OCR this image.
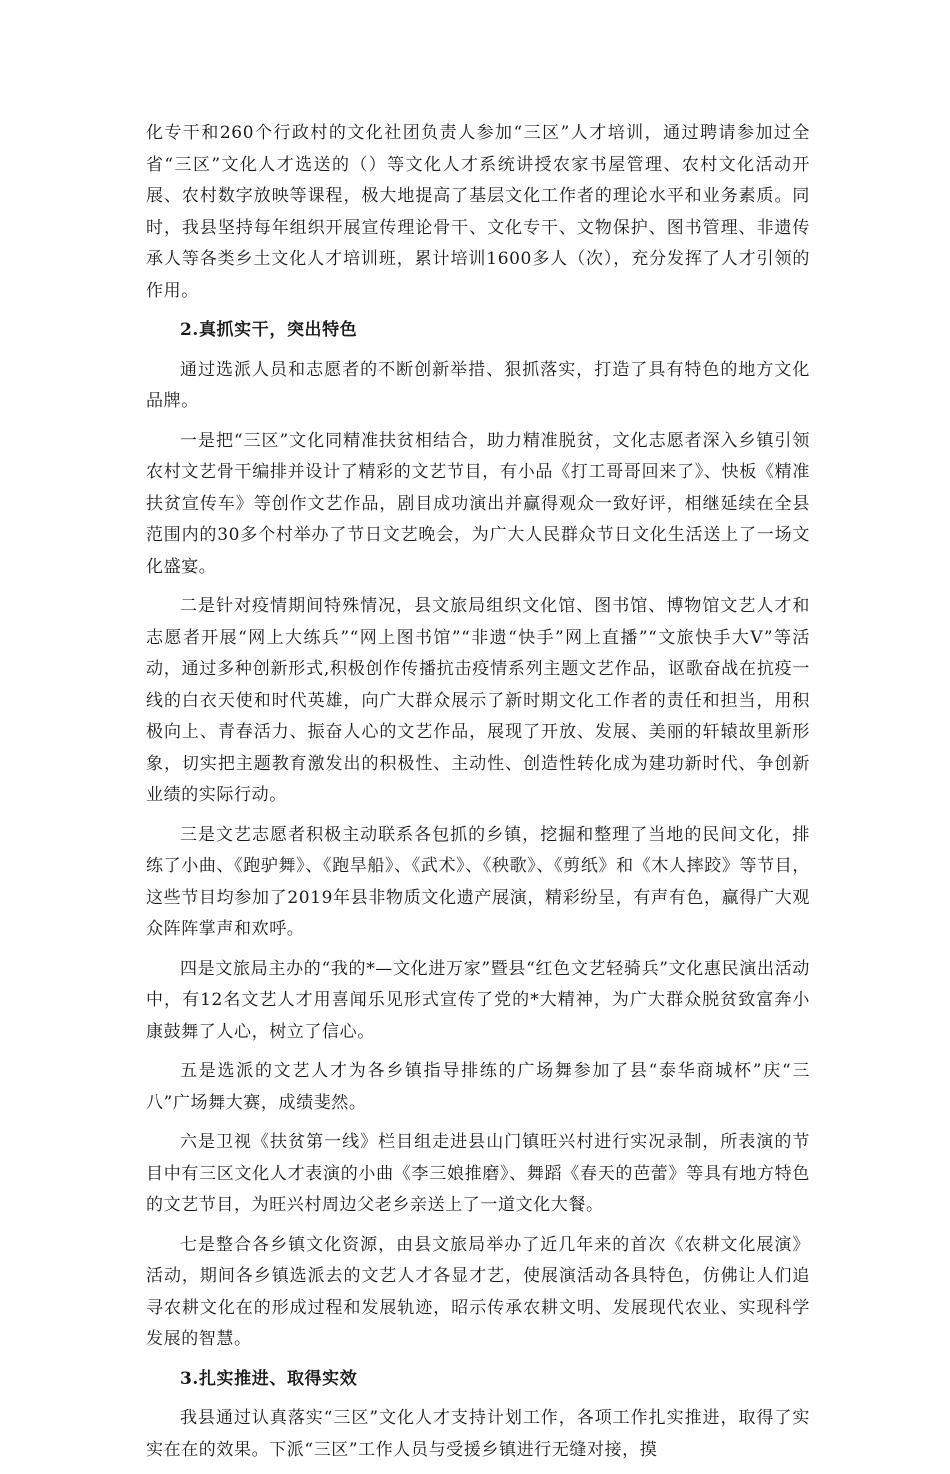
化专干和260个行政村的文化社团负责人参加“三区”人才培训，通过聘请参加过全省“三区”文化人才选送的（）等文化人才系统讲授农家书屋管理、农村文化活动开展、农村数字放映等课程，极大地提高了基层文化工作者的理论水平和业务素质。同时，我县坚持每年组织开展宣传理论骨干、文化专干、文物保护、图书管理、非遗传承人等各类乡土文化人才培训班，累计培训1600多人（次），充分发挥了人才引领的作用。

2.真抓实干，突出特色

通过选派人员和志愿者的不断创新举措、狠抓落实，打造了具有特色的地方文化品牌。

一是把“三区”文化同精准扶贫相结合，助力精准脱贫，文化志愿者深入乡镇引领农村文艺骨干编排并设计了精彩的文艺节目，有小品《打工哥哥回来了》、快板《精准扶贫宣传车》等创作文艺作品，剧目成功演出并赢得观众一致好评，相继延续在全县范围内的30多个村举办了节日文艺晚会，为广大人民群众节日文化生活送上了一场文化盛宴。

二是针对疫情期间特殊情况，县文旅局组织文化馆、图书馆、博物馆文艺人才和志愿者开展“网上大练兵”“网上图书馆”“非遗“快手”网上直播”“文旅快手大V”等活动，通过多种创新形式,积极创作传播抗击疫情系列主题文艺作品，讴歌奋战在抗疫一线的白衣天使和时代英雄，向广大群众展示了新时期文化工作者的责任和担当，用积极向上、青春活力、振奋人心的文艺作品，展现了开放、发展、美丽的轩辕故里新形象，切实把主题教育激发出的积极性、主动性、创造性转化成为建功新时代、争创新业绩的实际行动。

三是文艺志愿者积极主动联系各包抓的乡镇，挖掘和整理了当地的民间文化，排练了小曲、《跑驴舞》、《跑旱船》、《武术》、《秧歌》、《剪纸》和《木人摔跤》等节目，这些节目均参加了2019年县非物质文化遗产展演，精彩纷呈，有声有色，赢得广大观众阵阵掌声和欢呼。

四是文旅局主办的“我的*—文化进万家”暨县“红色文艺轻骑兵”文化惠民演出活动中，有12名文艺人才用喜闻乐见形式宣传了党的*大精神，为广大群众脱贫致富奔小康鼓舞了人心，树立了信心。

五是选派的文艺人才为各乡镇指导排练的广场舞参加了县“泰华商城杯”庆“三八”广场舞大赛，成绩斐然。

六是卫视《扶贫第一线》栏目组走进县山门镇旺兴村进行实况录制，所表演的节目中有三区文化人才表演的小曲《李三娘推磨》、舞蹈《春天的芭蕾》等具有地方特色的文艺节目，为旺兴村周边父老乡亲送上了一道文化大餐。

七是整合各乡镇文化资源，由县文旅局举办了近几年来的首次《农耕文化展演》活动，期间各乡镇选派去的文艺人才各显才艺，使展演活动各具特色，仿佛让人们追寻农耕文化在的形成过程和发展轨迹，昭示传承农耕文明、发展现代农业、实现科学发展的智慧。

3.扎实推进、取得实效

我县通过认真落实“三区”文化人才支持计划工作，各项工作扎实推进，取得了实实在在的效果。下派“三区”工作人员与受援乡镇进行无缝对接，摸
